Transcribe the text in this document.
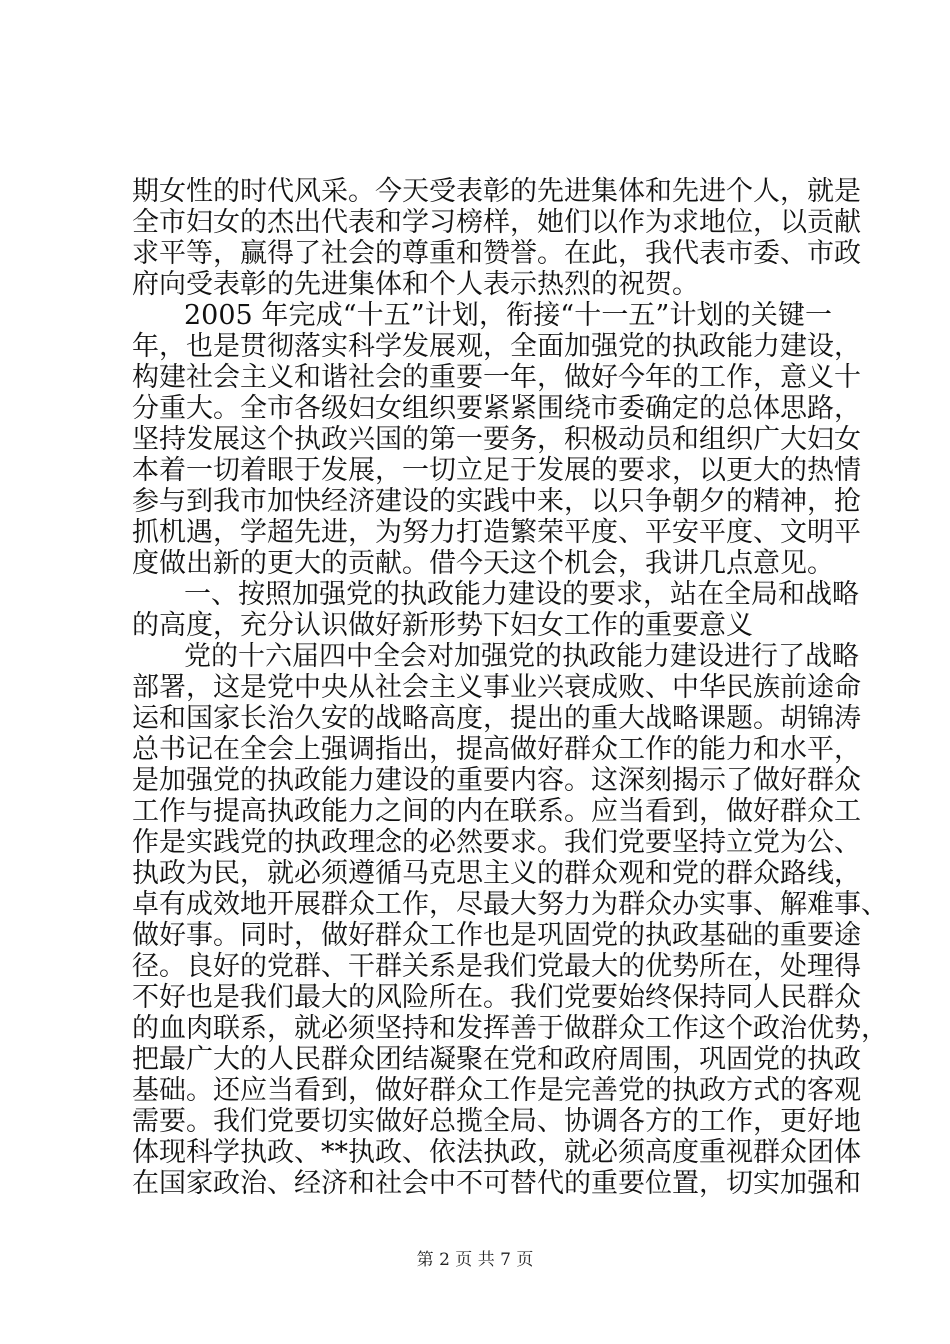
期女性的时代风采。今天受表彰的先进集体和先进个人，就是
全市妇女的杰出代表和学习榜样，她们以作为求地位，以贡献
求平等，赢得了社会的尊重和赞誉。在此，我代表市委、市政
府向受表彰的先进集体和个人表示热烈的祝贺。
2005 年完成“十五”计划，衔接“十一五”计划的关键一
年，也是贯彻落实科学发展观，全面加强党的执政能力建设，
构建社会主义和谐社会的重要一年，做好今年的工作，意义十
分重大。全市各级妇女组织要紧紧围绕市委确定的总体思路，
坚持发展这个执政兴国的第一要务，积极动员和组织广大妇女
本着一切着眼于发展，一切立足于发展的要求，以更大的热情
参与到我市加快经济建设的实践中来，以只争朝夕的精神，抢
抓机遇，学超先进，为努力打造繁荣平度、平安平度、文明平
度做出新的更大的贡献。借今天这个机会，我讲几点意见。
一、按照加强党的执政能力建设的要求，站在全局和战略
的高度，充分认识做好新形势下妇女工作的重要意义
党的十六届四中全会对加强党的执政能力建设进行了战略
部署，这是党中央从社会主义事业兴衰成败、中华民族前途命
运和国家长治久安的战略高度，提出的重大战略课题。胡锦涛
总书记在全会上强调指出，提高做好群众工作的能力和水平，
是加强党的执政能力建设的重要内容。这深刻揭示了做好群众
工作与提高执政能力之间的内在联系。应当看到，做好群众工
作是实践党的执政理念的必然要求。我们党要坚持立党为公、
执政为民，就必须遵循马克思主义的群众观和党的群众路线，
卓有成效地开展群众工作，尽最大努力为群众办实事、解难事、
做好事。同时，做好群众工作也是巩固党的执政基础的重要途
径。良好的党群、干群关系是我们党最大的优势所在，处理得
不好也是我们最大的风险所在。我们党要始终保持同人民群众
的血肉联系，就必须坚持和发挥善于做群众工作这个政治优势，
把最广大的人民群众团结凝聚在党和政府周围，巩固党的执政
基础。还应当看到，做好群众工作是完善党的执政方式的客观
需要。我们党要切实做好总揽全局、协调各方的工作，更好地
体现科学执政、**执政、依法执政，就必须高度重视群众团体
在国家政治、经济和社会中不可替代的重要位置，切实加强和
第 2 页 共 7 页
